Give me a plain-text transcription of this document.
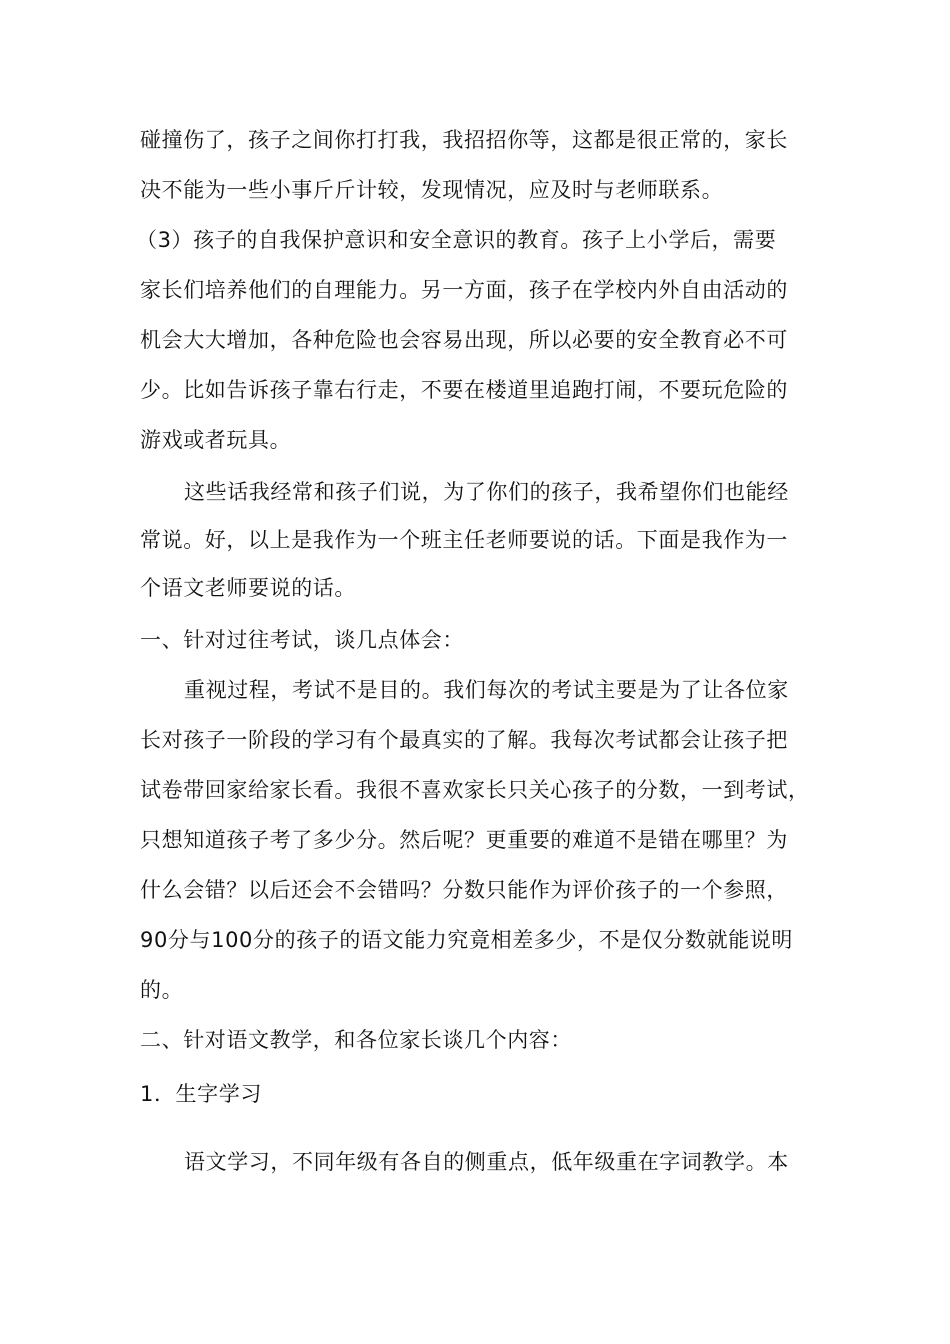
碰撞伤了，孩子之间你打打我，我招招你等，这都是很正常的，家长
决不能为一些小事斤斤计较，发现情况，应及时与老师联系。
（3）孩子的自我保护意识和安全意识的教育。孩子上小学后，需要
家长们培养他们的自理能力。另一方面，孩子在学校内外自由活动的
机会大大增加，各种危险也会容易出现，所以必要的安全教育必不可
少。比如告诉孩子靠右行走，不要在楼道里追跑打闹，不要玩危险的
游戏或者玩具。
这些话我经常和孩子们说，为了你们的孩子，我希望你们也能经
常说。好，以上是我作为一个班主任老师要说的话。下面是我作为一
个语文老师要说的话。
一、针对过往考试，谈几点体会：
重视过程，考试不是目的。我们每次的考试主要是为了让各位家
长对孩子一阶段的学习有个最真实的了解。我每次考试都会让孩子把
试卷带回家给家长看。我很不喜欢家长只关心孩子的分数，一到考试，
只想知道孩子考了多少分。然后呢？更重要的难道不是错在哪里？为
什么会错？以后还会不会错吗？分数只能作为评价孩子的一个参照，
90分与100分的孩子的语文能力究竟相差多少，不是仅分数就能说明
的。
二、针对语文教学，和各位家长谈几个内容：
1．生字学习
语文学习，不同年级有各自的侧重点，低年级重在字词教学。本
